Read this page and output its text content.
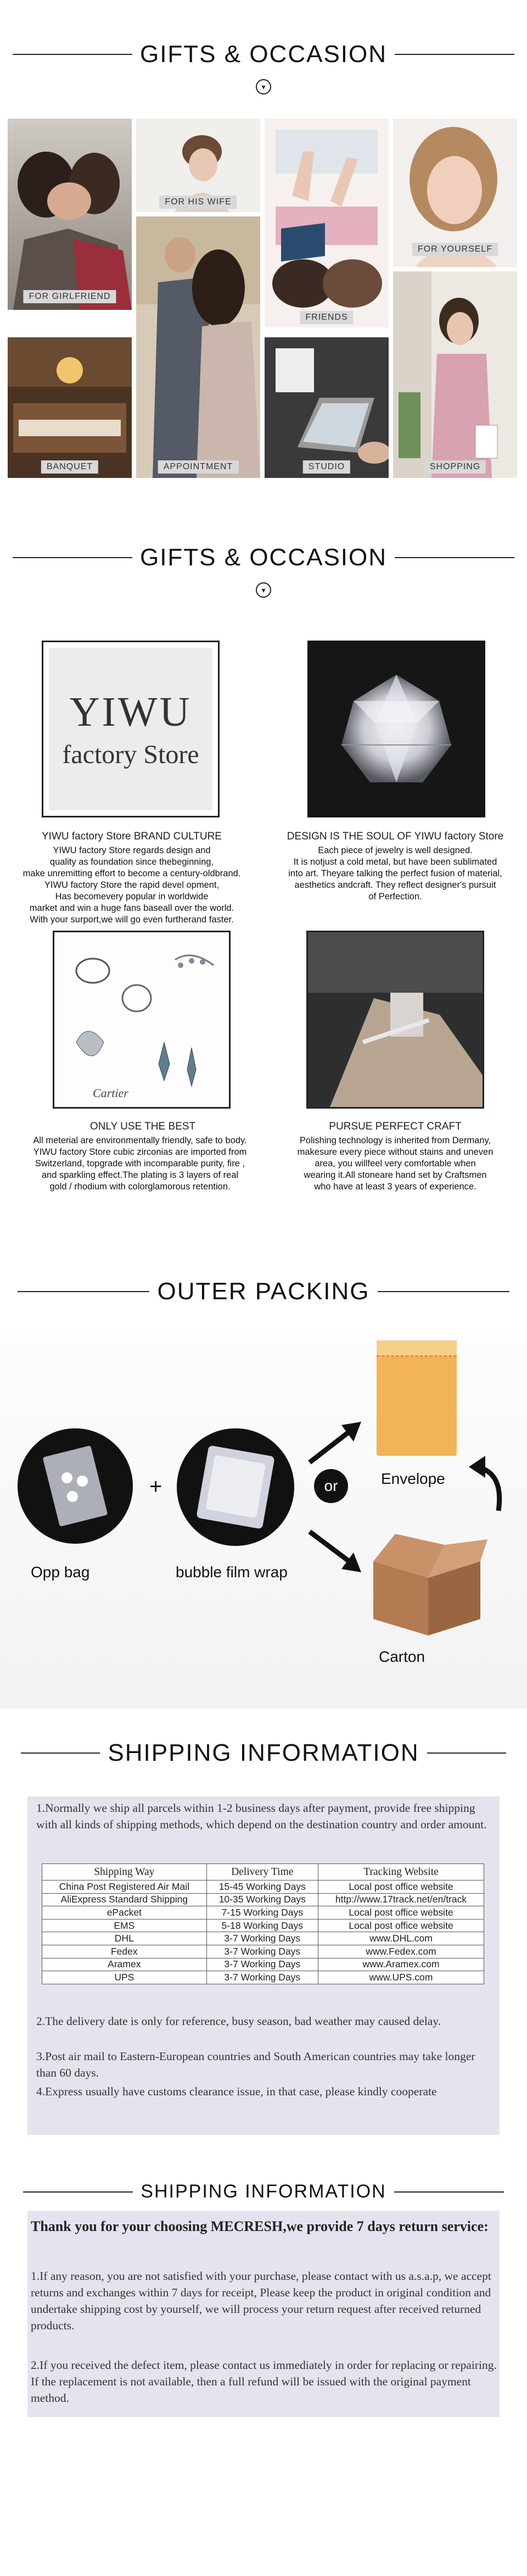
GIFTS & OCCASION
▾
FOR GIRLFRIEND
FOR HIS WIFE
FRIENDS
FOR YOURSELF
APPOINTMENT	SHOPPING
BANQUET	STUDIO
GIFTS & OCCASION
▾
YIWU
factory Store
YIWU factory Store BRAND CULTURE
YIWU factory Store regards design and
quality as foundation since thebeginning,
make unremitting effort to become a century-oldbrand.
YIWU factory Store the rapid devel opment,
Has becomevery popular in worldwide
market and win a huge fans baseall over the world.
With your surport,we will go even furtherand faster.
DESIGN IS THE SOUL OF YIWU factory Store
Each piece of jewelry is well designed.
It is notjust a cold metal, but have been sublimated
into art. Theyare talking the perfect fusion of material,
aesthetics andcraft. They reflect designer's pursuit
of Perfection.
Cartier
ONLY USE THE BEST
All meterial are environmentally friendly, safe to body.
YIWU factory Store cubic zirconias are imported from
Switzerland, topgrade with incomparable purity, fire ,
and sparkling effect.The plating is 3 layers of real
gold / rhodium with colorglamorous retention.
PURSUE PERFECT CRAFT
Polishing technology is inherited from Dermany,
makesure every piece without stains and uneven
area, you willfeel very comfortable when
wearing it.All stoneare hand set by Craftsmen
who have at least 3 years of experience.
OUTER PACKING
+
Opp bag	bubble film wrap
or	Envelope
Carton
SHIPPING INFORMATION
1.Normally we ship all parcels within 1-2 business days after payment, provide free shipping with all kinds of shipping methods, which depend on the destination country and order amount.
Shipping Way	Delivery Time	Tracking Website
China Post Registered Air Mail	15-45 Working Days	Local post office website
AliExpress Standard Shipping	10-35 Working Days	http://www.17track.net/en/track
ePacket	7-15 Working Days	Local post office website
EMS	5-18 Working Days	Local post office website
DHL	3-7 Working Days	www.DHL.com
Fedex	3-7 Working Days	www.Fedex.com
Aramex	3-7 Working Days	www.Aramex.com
UPS	3-7 Working Days	www.UPS.com
2.The delivery date is only for reference, busy season, bad weather may caused delay.
3.Post air mail to Eastern-European countries and South American countries may take longer than 60 days.
4.Express usually have customs clearance issue, in that case, please kindly cooperate
SHIPPING INFORMATION
Thank you for your choosing MECRESH,we provide 7 days return service:
1.If any reason, you are not satisfied with your purchase, please contact with us a.s.a.p, we accept returns and exchanges within 7 days for receipt, Please keep the product in original condition and undertake shipping cost by yourself, we will process your return request after received returned products.
2.If you received the defect item, please contact us immediately in order for replacing or repairing. If the replacement is not available, then a full refund will be issued with the original payment method.
